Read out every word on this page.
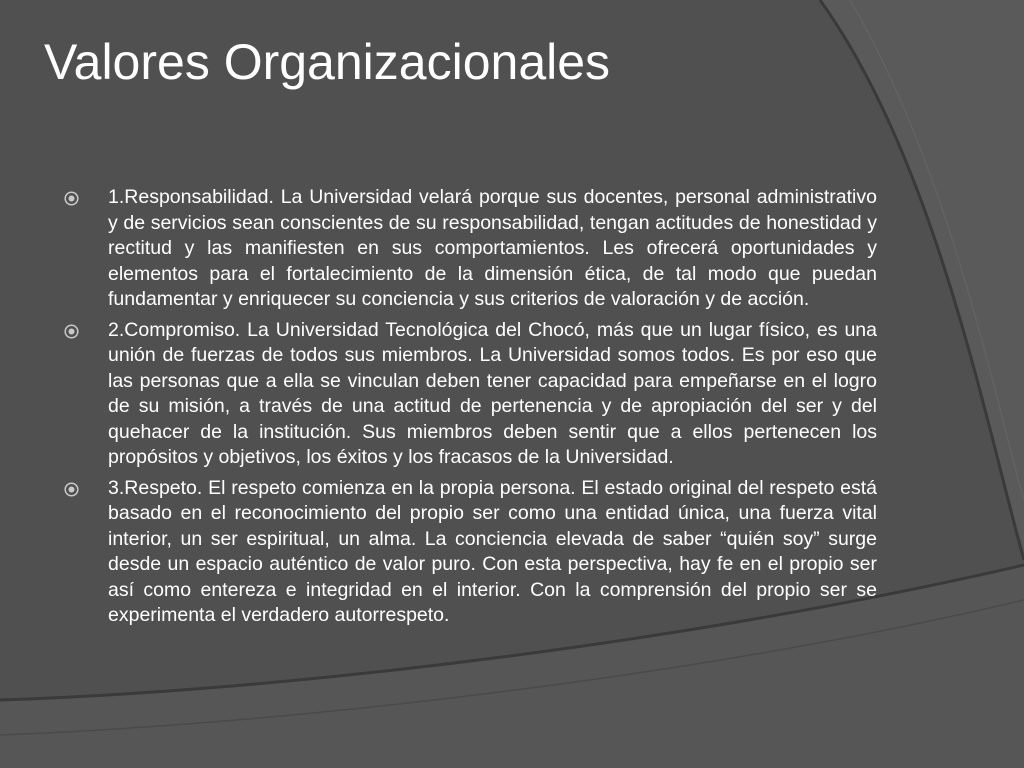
Valores Organizacionales
1.Responsabilidad. La Universidad velará porque sus docentes, personal administrativo y de servicios sean conscientes de su responsabilidad, tengan actitudes de honestidad y rectitud y las manifiesten en sus comportamientos. Les ofrecerá oportunidades y elementos para el fortalecimiento de la dimensión ética, de tal modo que puedan fundamentar y enriquecer su conciencia y sus criterios de valoración y de acción.
2.Compromiso. La Universidad Tecnológica del Chocó, más que un lugar físico, es una unión de fuerzas de todos sus miembros. La Universidad somos todos. Es por eso que las personas que a ella se vinculan deben tener capacidad para empeñarse en el logro de su misión, a través de una actitud de pertenencia y de apropiación del ser y del quehacer de la institución. Sus miembros deben sentir que a ellos pertenecen los propósitos y objetivos, los éxitos y los fracasos de la Universidad.
3.Respeto. El respeto comienza en la propia persona. El estado original del respeto está basado en el reconocimiento del propio ser como una entidad única, una fuerza vital interior, un ser espiritual, un alma. La conciencia elevada de saber “quién soy” surge desde un espacio auténtico de valor puro. Con esta perspectiva, hay fe en el propio ser así como entereza e integridad en el interior. Con la comprensión del propio ser se experimenta el verdadero autorrespeto.
